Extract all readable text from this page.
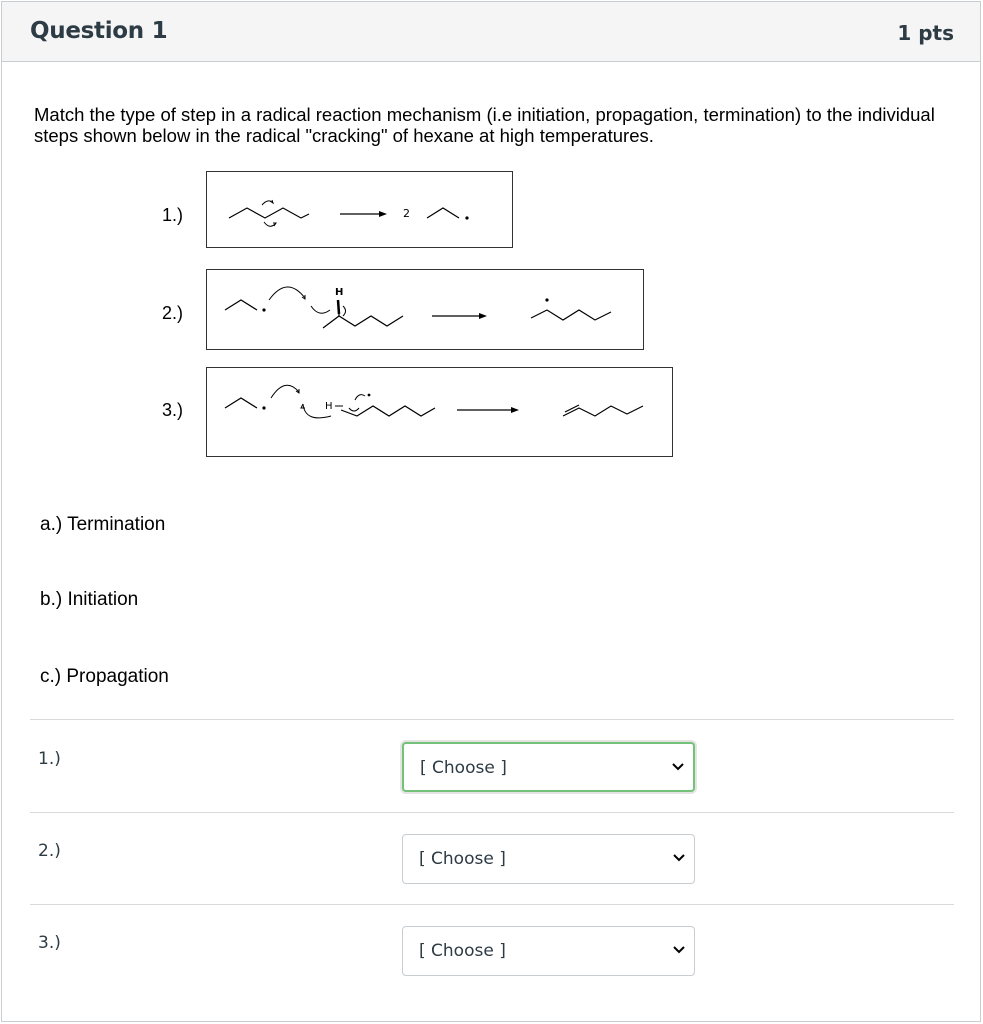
Question 1	1 pts
Match the type of step in a radical reaction mechanism (i.e initiation, propagation, termination) to the individual steps shown below in the radical "cracking" of hexane at high temperatures.
1.)	2
2.)
H
3.)	H
a.) Termination
b.) Initiation
c.) Propagation
1.)	[ Choose ]
2.)	[ Choose ]
3.)	[ Choose ]
